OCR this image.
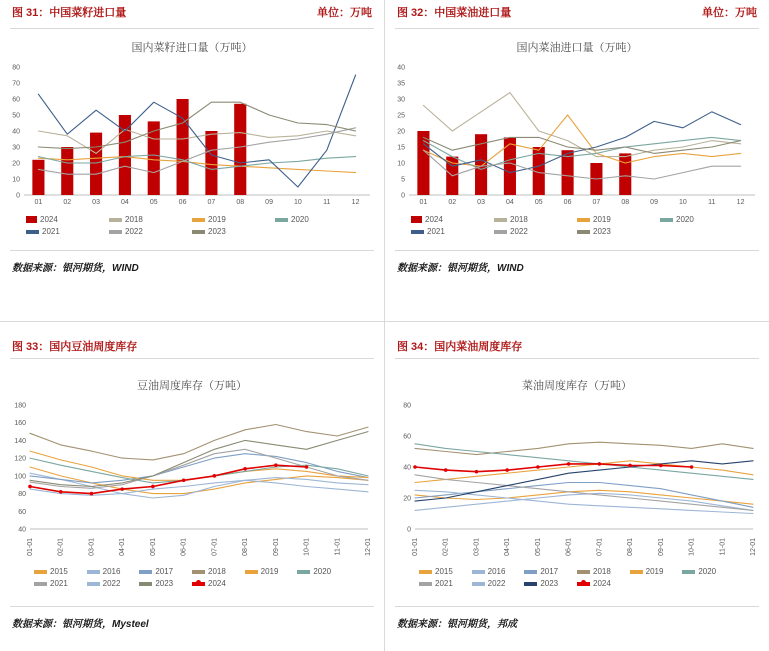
图 31：中国菜籽进口量	单位：万吨
国内菜籽进口量（万吨）
0
10
20
30
40
50
60
70
80
01	02	03	04	05	06	07	08	09	10	11	12
2024	2018	2019	2020
2021	2022	2023
数据来源：银河期货，WIND
图 32：中国菜油进口量	单位：万吨
国内菜油进口量（万吨）
0
5
10
15
20
25
30
35
40
01	02	03	04	05	06	07	08	09	10	11	12
2024	2018	2019	2020
2021	2022	2023
数据来源：银河期货，WIND
图 33：国内豆油周度库存
豆油周度库存（万吨）
40
60
80
100
120
140
160
180
01-01	02-01	03-01	04-01	05-01	06-01	07-01	08-01	09-01	10-01	11-01	12-01
2015	2016	2017	2018	2019	2020
2021	2022	2023	2024
数据来源：银河期货，Mysteel
图 34：国内菜油周度库存
菜油周度库存（万吨）
0
20
40
60
80
01-01	02-01	03-01	04-01	05-01	06-01	07-01	08-01	09-01	10-01	11-01	12-01
2015	2016	2017	2018	2019	2020
2021	2022	2023	2024
数据来源：银河期货，邦成
